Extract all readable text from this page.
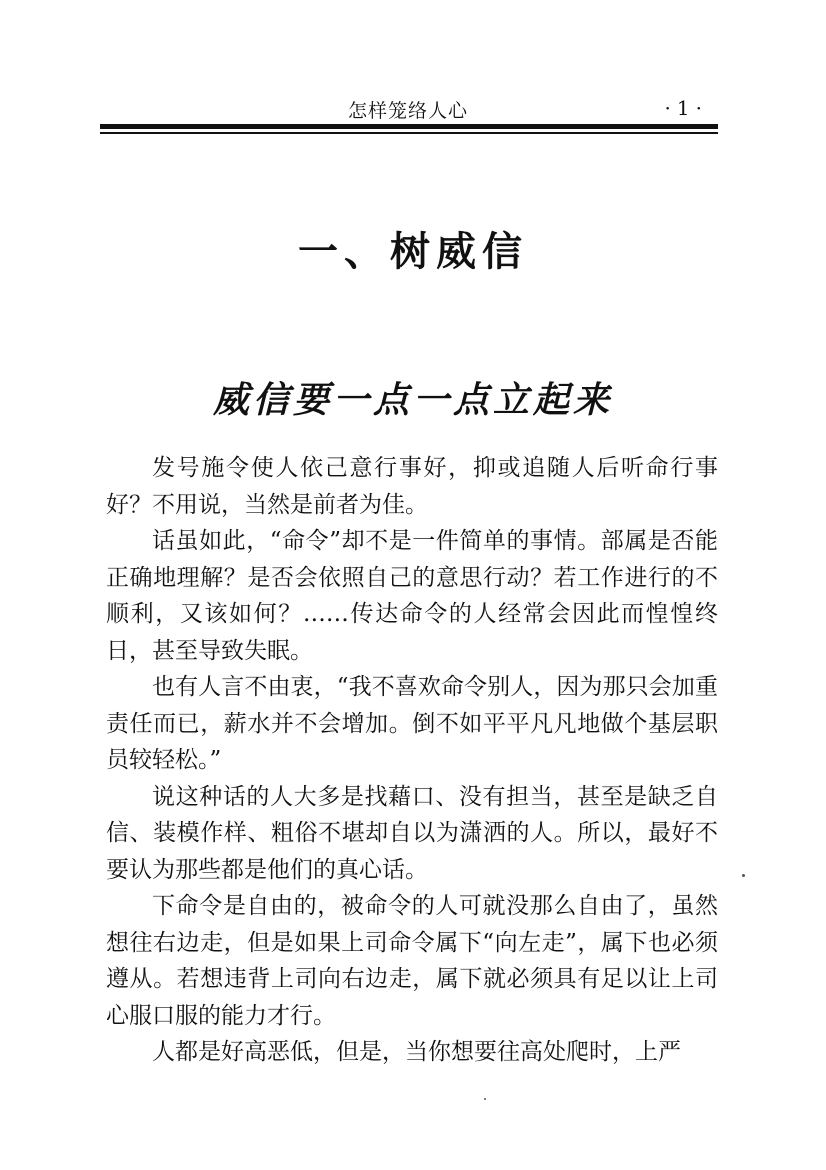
怎样笼络人心	·1·
一、树威信
威信要一点一点立起来

发号施令使人依己意行事好，抑或追随人后听命行事好？不用说，当然是前者为佳。

话虽如此，“命令”却不是一件简单的事情。部属是否能正确地理解？是否会依照自己的意思行动？若工作进行的不顺利，又该如何？……传达命令的人经常会因此而惶惶终日，甚至导致失眠。

也有人言不由衷，“我不喜欢命令别人，因为那只会加重责任而已，薪水并不会增加。倒不如平平凡凡地做个基层职员较轻松。”

说这种话的人大多是找藉口、没有担当，甚至是缺乏自信、装模作样、粗俗不堪却自以为潇洒的人。所以，最好不要认为那些都是他们的真心话。

下命令是自由的，被命令的人可就没那么自由了，虽然想往右边走，但是如果上司命令属下“向左走”，属下也必须遵从。若想违背上司向右边走，属下就必须具有足以让上司心服口服的能力才行。

人都是好高恶低，但是，当你想要往高处爬时，上严
